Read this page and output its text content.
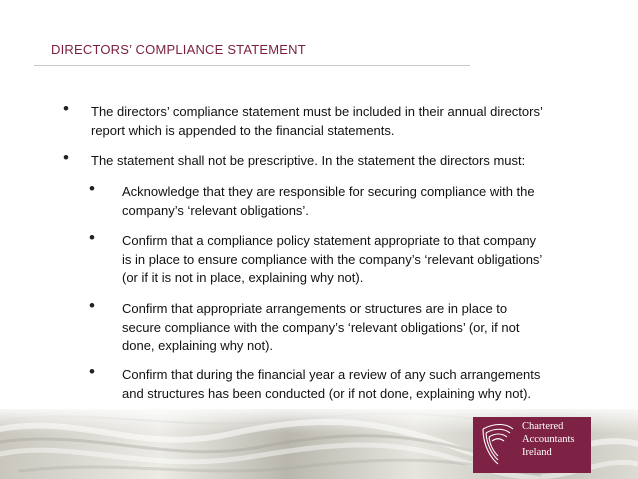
DIRECTORS’ COMPLIANCE STATEMENT
• The directors’ compliance statement must be included in their annual directors’
report which is appended to the financial statements.
• The statement shall not be prescriptive. In the statement the directors must:
• Acknowledge that they are responsible for securing compliance with the
company’s ‘relevant obligations’.
• Confirm that a compliance policy statement appropriate to that company
is in place to ensure compliance with the company’s ‘relevant obligations’
(or if it is not in place, explaining why not).
• Confirm that appropriate arrangements or structures are in place to
secure compliance with the company’s ‘relevant obligations’ (or, if not
done, explaining why not).
• Confirm that during the financial year a review of any such arrangements
and structures has been conducted (or if not done, explaining why not).
Chartered
Accountants
Ireland
